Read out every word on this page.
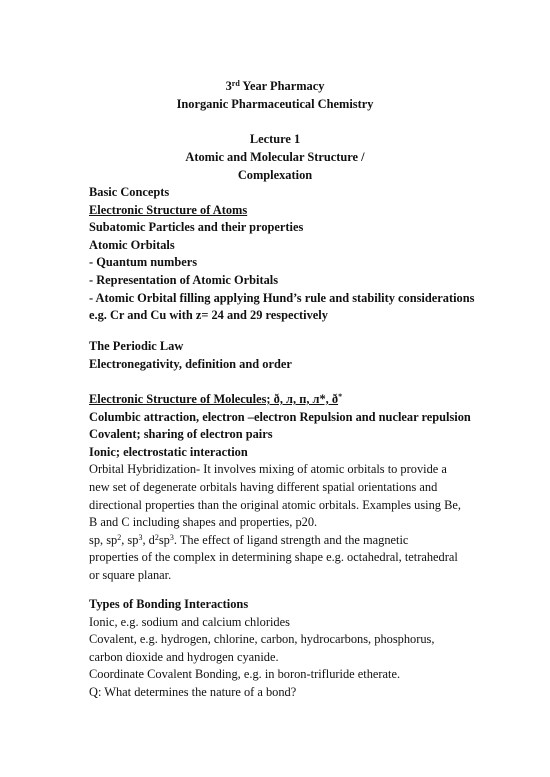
3rd Year Pharmacy
Inorganic Pharmaceutical Chemistry
Lecture 1
Atomic and Molecular Structure /
Complexation
Basic Concepts
Electronic Structure of Atoms
Subatomic Particles and their properties
Atomic Orbitals
- Quantum numbers
- Representation of Atomic Orbitals
- Atomic Orbital filling applying Hund’s rule and stability considerations
e.g. Cr and Cu with z= 24 and 29 respectively
The Periodic Law
Electronegativity, definition and order
Electronic Structure of Molecules; ð, л, п, л*, ð*
Columbic attraction, electron –electron Repulsion and nuclear repulsion
Covalent; sharing of electron pairs
Ionic; electrostatic interaction
Orbital Hybridization- It involves mixing of atomic orbitals to provide a new set of degenerate orbitals having different spatial orientations and directional properties than the original atomic orbitals. Examples using Be, B and C including shapes and properties, p20.
sp, $sp^2$, $sp^3$, $d^2sp^3$. The effect of ligand strength and the magnetic properties of the complex in determining shape e.g. octahedral, tetrahedral or square planar.
Types of Bonding Interactions
Ionic, e.g. sodium and calcium chlorides
Covalent, e.g. hydrogen, chlorine, carbon, hydrocarbons, phosphorus, carbon dioxide and hydrogen cyanide.
Coordinate Covalent Bonding, e.g. in boron-trifluride etherate.
Q: What determines the nature of a bond?
